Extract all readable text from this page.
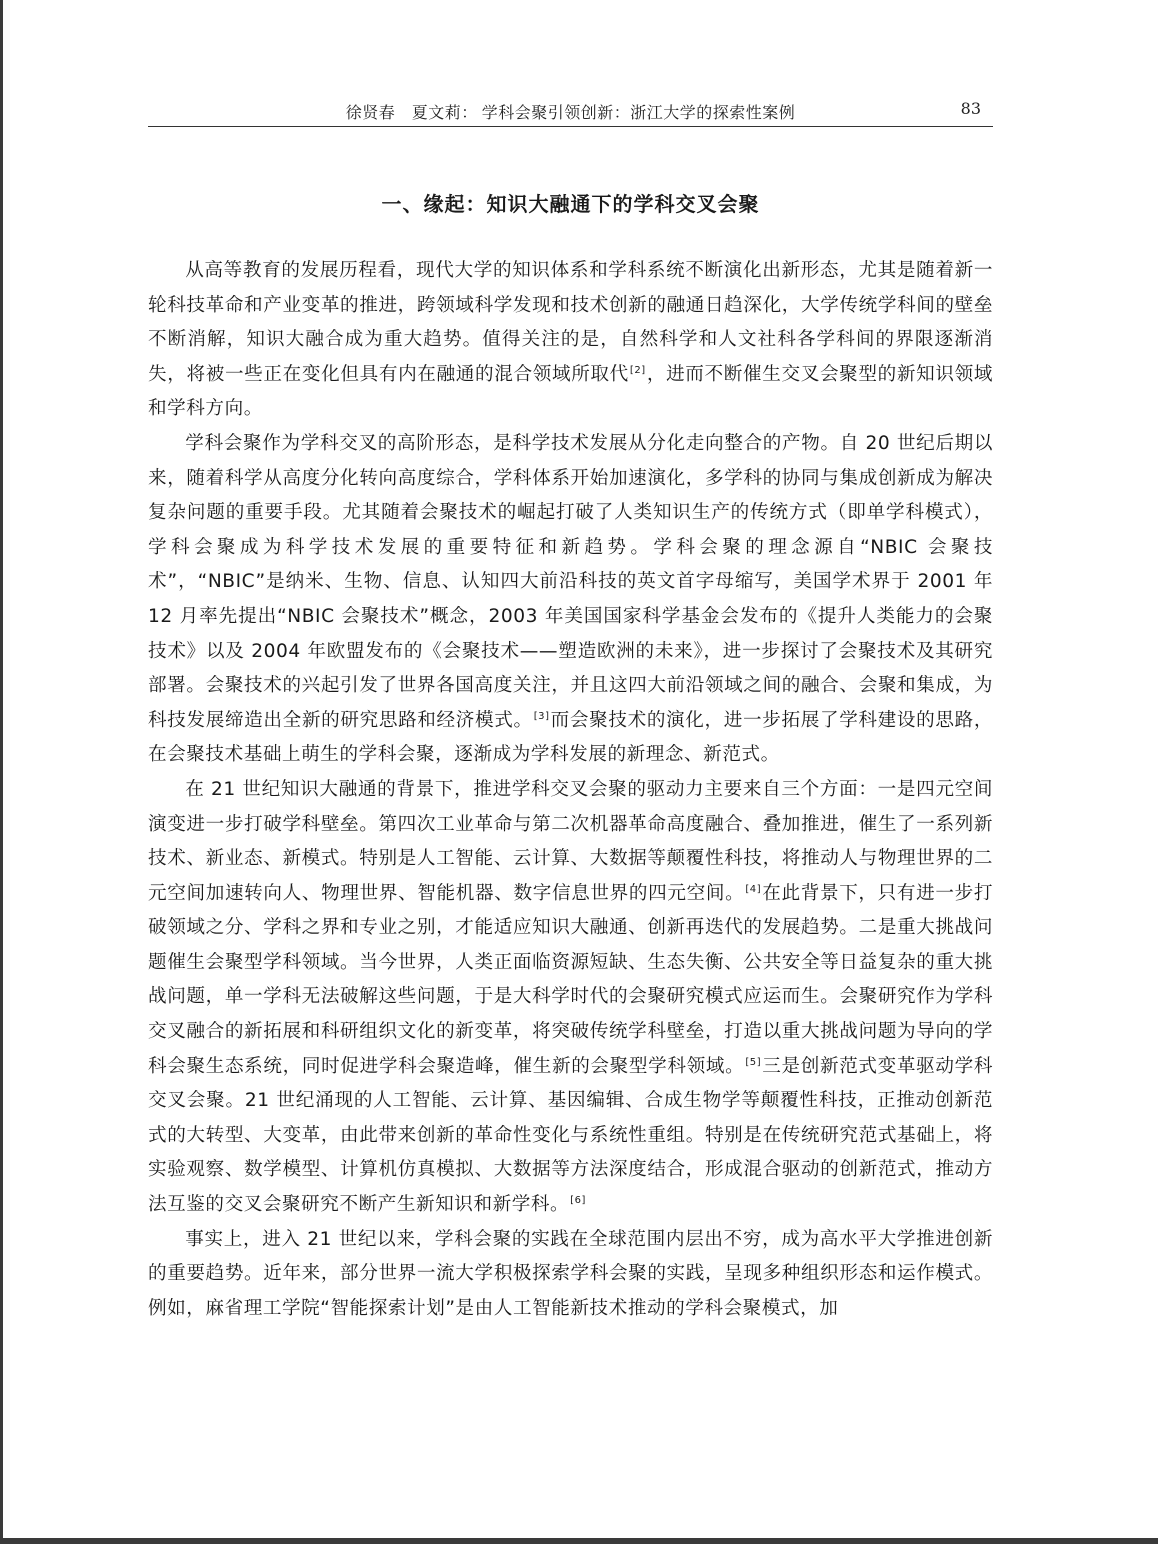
徐贤春　夏文莉： 学科会聚引领创新：浙江大学的探索性案例	83
一、缘起：知识大融通下的学科交叉会聚

从高等教育的发展历程看，现代大学的知识体系和学科系统不断演化出新形态，尤其是随着新一轮科技革命和产业变革的推进，跨领域科学发现和技术创新的融通日趋深化，大学传统学科间的壁垒不断消解，知识大融合成为重大趋势。值得关注的是，自然科学和人文社科各学科间的界限逐渐消失，将被一些正在变化但具有内在融通的混合领域所取代[2]，进而不断催生交叉会聚型的新知识领域和学科方向。

学科会聚作为学科交叉的高阶形态，是科学技术发展从分化走向整合的产物。自 20 世纪后期以来，随着科学从高度分化转向高度综合，学科体系开始加速演化，多学科的协同与集成创新成为解决复杂问题的重要手段。尤其随着会聚技术的崛起打破了人类知识生产的传统方式（即单学科模式），学科会聚成为科学技术发展的重要特征和新趋势。学科会聚的理念源自“NBIC 会聚技术”，“NBIC”是纳米、生物、信息、认知四大前沿科技的英文首字母缩写，美国学术界于 2001 年 12 月率先提出“NBIC 会聚技术”概念，2003 年美国国家科学基金会发布的《提升人类能力的会聚技术》以及 2004 年欧盟发布的《会聚技术——塑造欧洲的未来》，进一步探讨了会聚技术及其研究部署。会聚技术的兴起引发了世界各国高度关注，并且这四大前沿领域之间的融合、会聚和集成，为科技发展缔造出全新的研究思路和经济模式。[3]而会聚技术的演化，进一步拓展了学科建设的思路，在会聚技术基础上萌生的学科会聚，逐渐成为学科发展的新理念、新范式。

在 21 世纪知识大融通的背景下，推进学科交叉会聚的驱动力主要来自三个方面：一是四元空间演变进一步打破学科壁垒。第四次工业革命与第二次机器革命高度融合、叠加推进，催生了一系列新技术、新业态、新模式。特别是人工智能、云计算、大数据等颠覆性科技，将推动人与物理世界的二元空间加速转向人、物理世界、智能机器、数字信息世界的四元空间。[4]在此背景下，只有进一步打破领域之分、学科之界和专业之别，才能适应知识大融通、创新再迭代的发展趋势。二是重大挑战问题催生会聚型学科领域。当今世界，人类正面临资源短缺、生态失衡、公共安全等日益复杂的重大挑战问题，单一学科无法破解这些问题，于是大科学时代的会聚研究模式应运而生。会聚研究作为学科交叉融合的新拓展和科研组织文化的新变革，将突破传统学科壁垒，打造以重大挑战问题为导向的学科会聚生态系统，同时促进学科会聚造峰，催生新的会聚型学科领域。[5]三是创新范式变革驱动学科交叉会聚。21 世纪涌现的人工智能、云计算、基因编辑、合成生物学等颠覆性科技，正推动创新范式的大转型、大变革，由此带来创新的革命性变化与系统性重组。特别是在传统研究范式基础上，将实验观察、数学模型、计算机仿真模拟、大数据等方法深度结合，形成混合驱动的创新范式，推动方法互鉴的交叉会聚研究不断产生新知识和新学科。[6]

事实上，进入 21 世纪以来，学科会聚的实践在全球范围内层出不穷，成为高水平大学推进创新的重要趋势。近年来，部分世界一流大学积极探索学科会聚的实践，呈现多种组织形态和运作模式。例如，麻省理工学院“智能探索计划”是由人工智能新技术推动的学科会聚模式，加
